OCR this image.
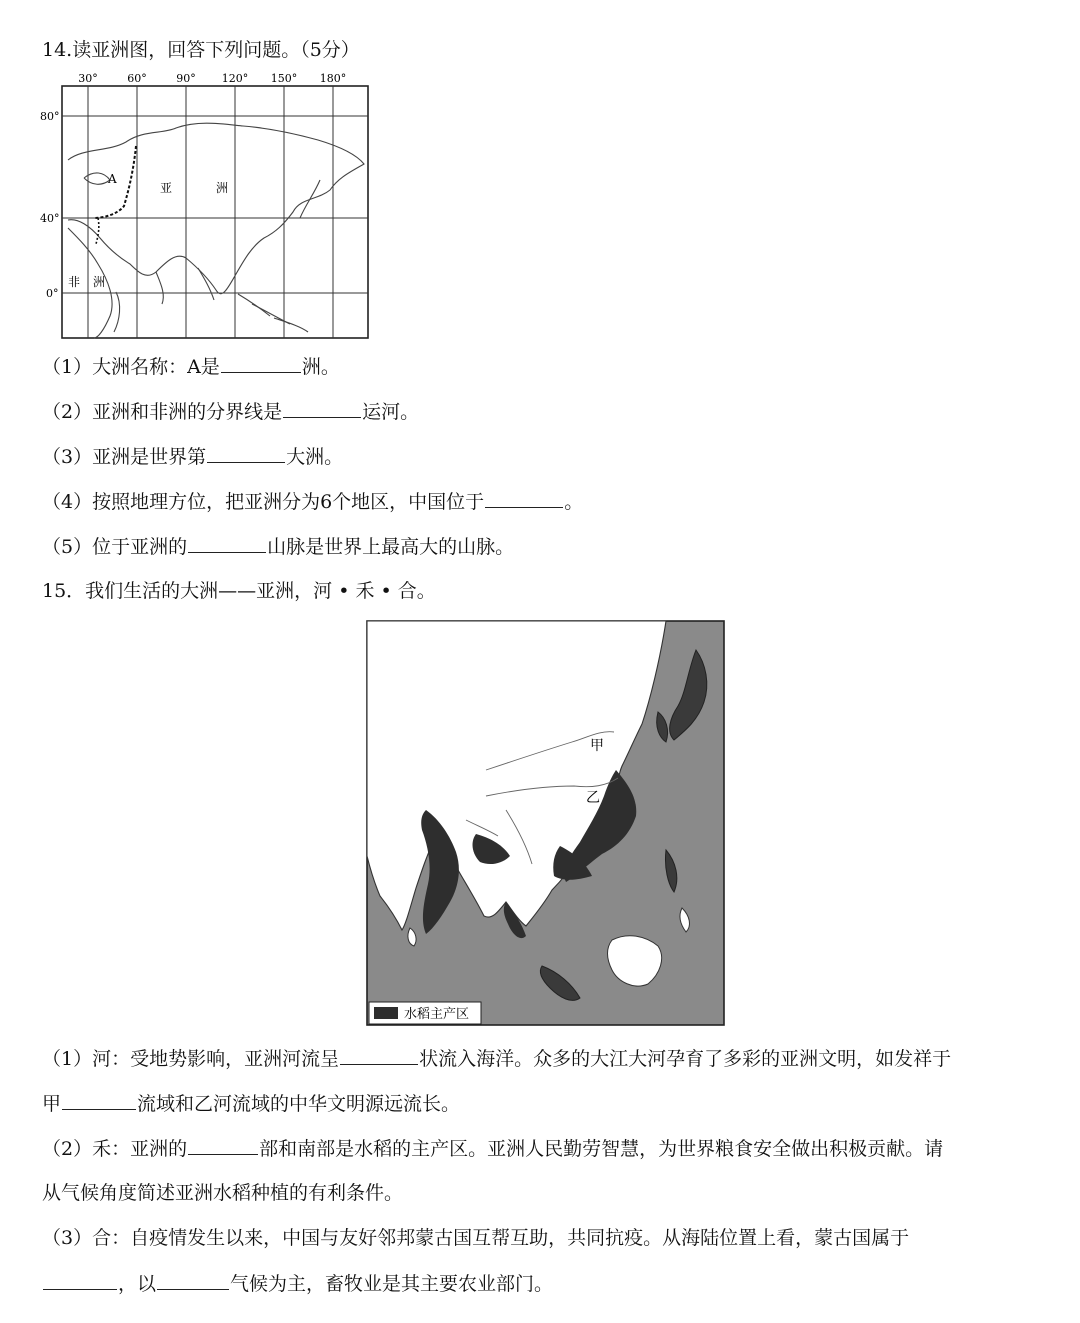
14.读亚洲图，回答下列问题。（5分）
30°	60°	90° 120° 150° 180°
80°
40°
0°
A
亚	洲
非 洲
（1）大洲名称：A是	洲。
（2）亚洲和非洲的分界线是	运河。
（3）亚洲是世界第	大洲。
（4）按照地理方位，把亚洲分为6个地区，中国位于	。
（5）位于亚洲的	山脉是世界上最高大的山脉。
15．我们生活的大洲——亚洲，河 • 禾 • 合。
甲
乙
水稻主产区
（1）河：受地势影响，亚洲河流呈	状流入海洋。众多的大江大河孕育了多彩的亚洲文明，如发祥于
甲	流域和乙河流域的中华文明源远流长。
（2）禾：亚洲的	部和南部是水稻的主产区。亚洲人民勤劳智慧，为世界粮食安全做出积极贡献。请
从气候角度简述亚洲水稻种植的有利条件。
（3）合：自疫情发生以来，中国与友好邻邦蒙古国互帮互助，共同抗疫。从海陆位置上看，蒙古国属于
，以	气候为主，畜牧业是其主要农业部门。
